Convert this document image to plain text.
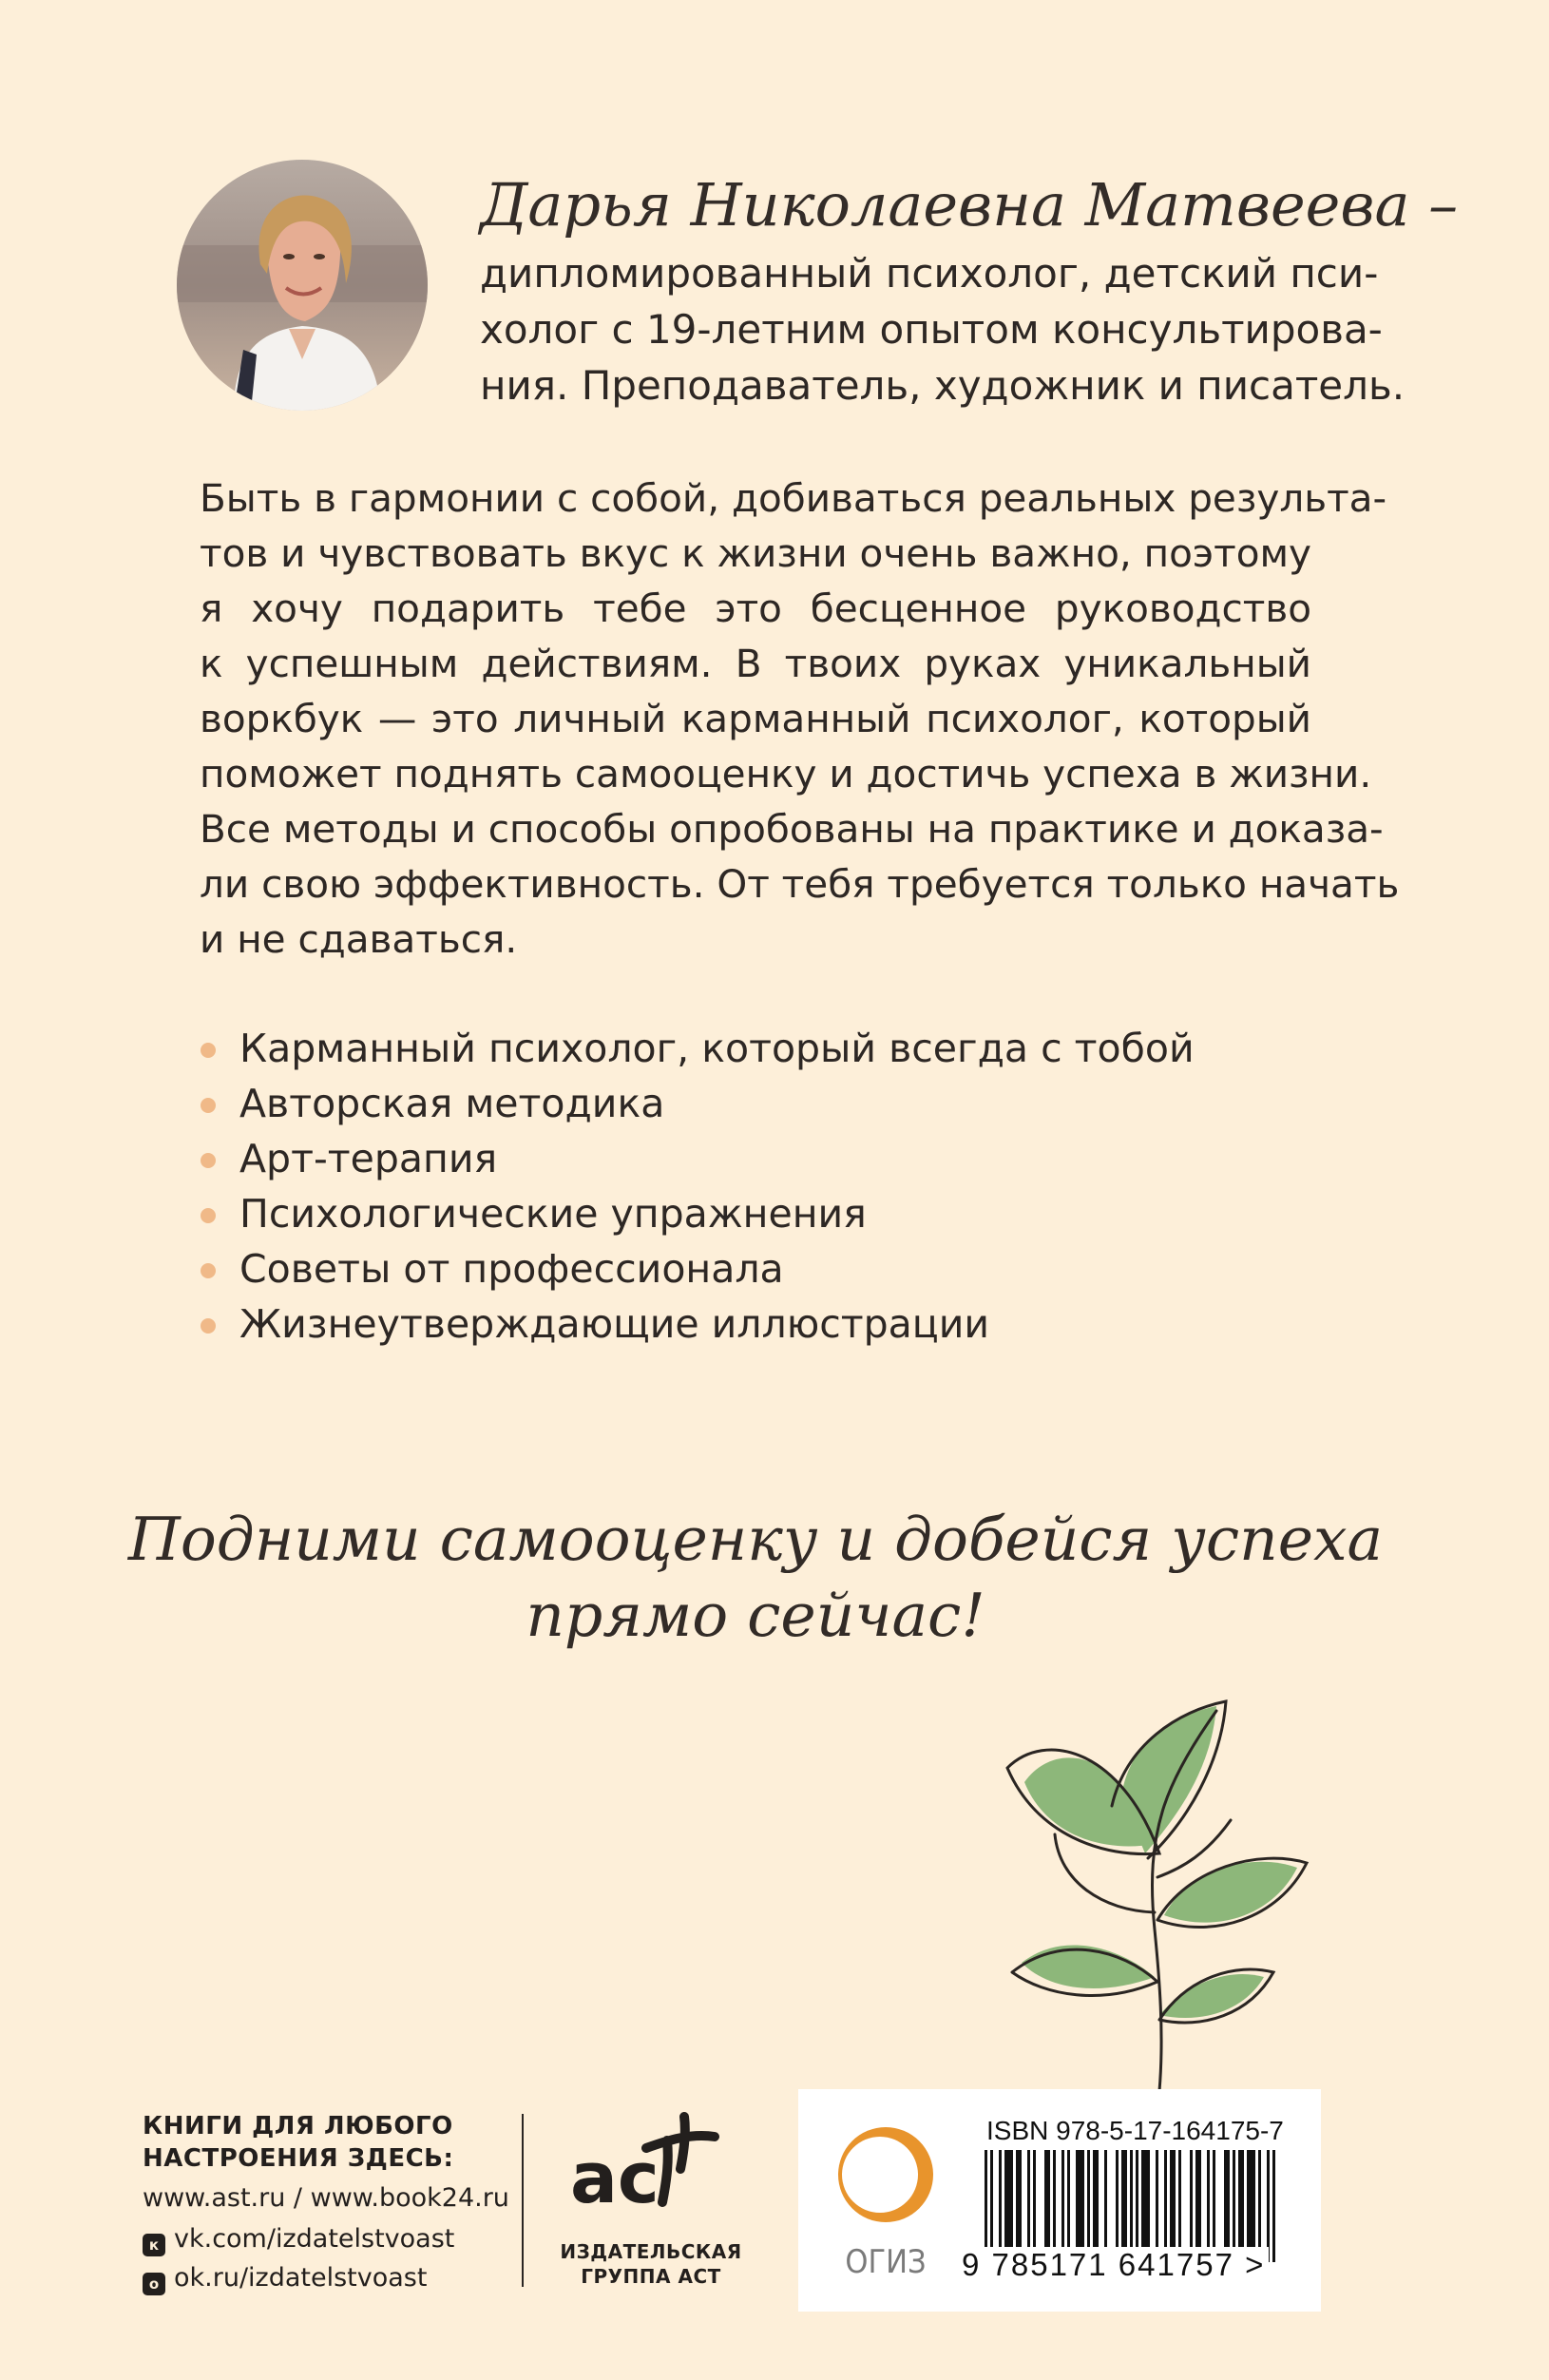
Дарья Николаевна Матвеева –
дипломированный психолог, детский пси-
холог с 19-летним опытом консультирова-
ния. Преподаватель, художник и писатель.
Быть в гармонии с собой, добиваться реальных результа-
тов и чувствовать вкус к жизни очень важно, поэтому
я хочу подарить тебе это бесценное руководство
к успешным действиям. В твоих руках уникальный
воркбук — это личный карманный психолог, который
поможет поднять самооценку и достичь успеха в жизни.
Все методы и способы опробованы на практике и доказа-
ли свою эффективность. От тебя требуется только начать
и не сдаваться.
Карманный психолог, который всегда с тобой
Авторская методика
Арт-терапия
Психологические упражнения
Советы от профессионала
Жизнеутверждающие иллюстрации
Подними самооценку и добейся успеха
прямо сейчас!
КНИГИ ДЛЯ ЛЮБОГО
НАСТРОЕНИЯ ЗДЕСЬ:
www.ast.ru / www.book24.ru
к vk.com/izdatelstvoast
о ok.ru/izdatelstvoast
ас
ИЗДАТЕЛЬСКАЯ
ГРУППА АСТ	ОГИЗ
ISBN 978-5-17-164175-7
9 785171 641757 >
